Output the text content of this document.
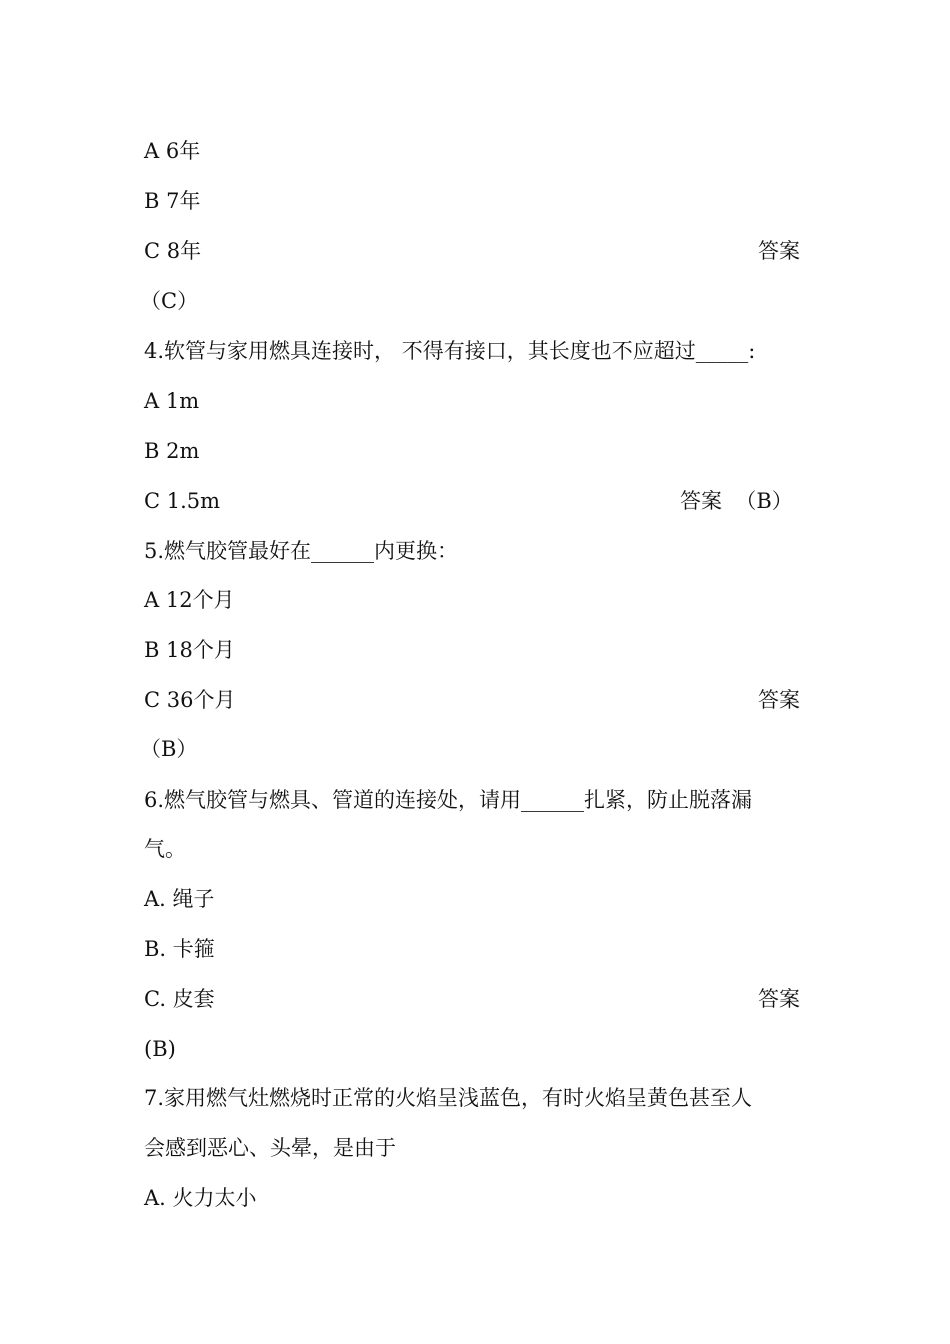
A 6年
B 7年
C 8年	答案
（C）
4.软管与家用燃具连接时， 不得有接口，其长度也不应超过_____:
A 1m
B 2m
C 1.5m	答案  （B）
5.燃气胶管最好在______内更换：
A 12个月
B 18个月
C 36个月	答案
（B）
6.燃气胶管与燃具、管道的连接处，请用______扎紧，防止脱落漏
气。
A. 绳子
B. 卡箍
C. 皮套	答案
(B)
7.家用燃气灶燃烧时正常的火焰呈浅蓝色，有时火焰呈黄色甚至人
会感到恶心、头晕，是由于
A. 火力太小
